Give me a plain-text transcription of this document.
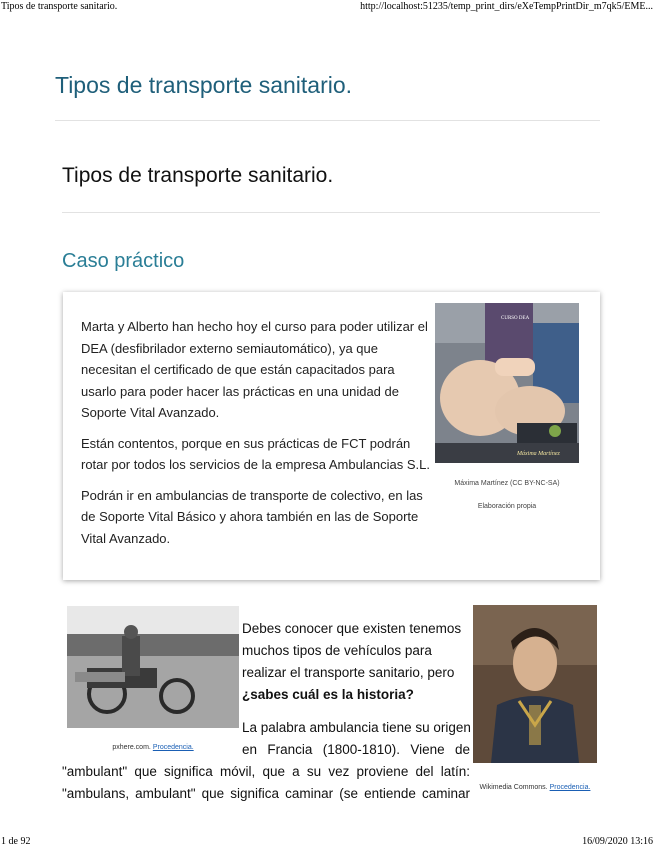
Tipos de transporte sanitario.	http://localhost:51235/temp_print_dirs/eXeTempPrintDir_m7qk5/EME...
Tipos de transporte sanitario.
Tipos de transporte sanitario.
Caso práctico

Marta y Alberto han hecho hoy el curso para poder utilizar el DEA (desfibrilador externo semiautomático), ya que necesitan el certificado de que están capacitados para usarlo para poder hacer las prácticas en una unidad de Soporte Vital Avanzado.

Están contentos, porque en sus prácticas de FCT podrán rotar por todos los servicios de la empresa Ambulancias S.L.

Podrán ir en ambulancias de transporte de colectivo, en las de Soporte Vital Básico y ahora también en las de Soporte Vital Avanzado.

CURSO DEA
Máxima Martínez
Máxima Martínez (CC BY-NC-SA)
Elaboración propia
pxhere.com. Procedencia.

Debes conocer que existen tenemos muchos tipos de vehículos para realizar el transporte sanitario, pero ¿sabes cuál es la historia?

Wikimedia Commons. Procedencia.
La palabra ambulancia tiene su origen
en Francia (1800-1810). Viene de
"ambulant" que significa móvil, que a su vez proviene del latín:
"ambulans, ambulant" que significa caminar (se entiende caminar
1 de 92	16/09/2020 13:16
